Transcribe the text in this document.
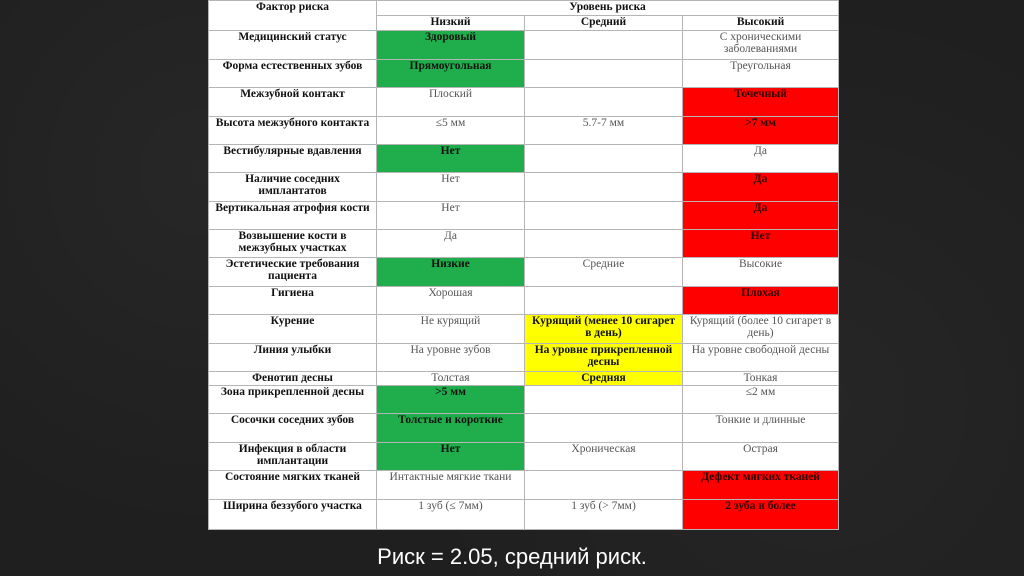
Фактор риска	Уровень риска		
	Низкий	Средний	Высокий
Медицинский статус	Здоровый		С хроническими заболеваниями
Форма естественных зубов	Прямоугольная		Треугольная
Межзубной контакт	Плоский		Точечный
Высота межзубного контакта	≤5 мм	5.7-7 мм	>7 мм
Вестибулярные вдавления	Нет		Да
Наличие соседних имплантатов	Нет		Да
Вертикальная атрофия кости	Нет		Да
Возвышение кости в межзубных участках	Да		Нет
Эстетические требования пациента	Низкие	Средние	Высокие
Гигиена	Хорошая		Плохая
Курение	Не курящий	Курящий (менее 10 сигарет в день)	Курящий (более 10 сигарет в день)
Линия улыбки	На уровне зубов	На уровне прикрепленной десны	На уровне свободной десны
Фенотип десны	Толстая	Средняя	Тонкая
Зона прикрепленной десны	>5 мм		≤2 мм
Сосочки соседних зубов	Толстые и короткие		Тонкие и длинные
Инфекция в области имплантации	Нет	Хроническая	Острая
Состояние мягких тканей	Интактные мягкие ткани		Дефект мягких тканей
Ширина беззубого участка	1 зуб (≤ 7мм)	1 зуб (> 7мм)	2 зуба и более
Риск = 2.05, средний риск.
